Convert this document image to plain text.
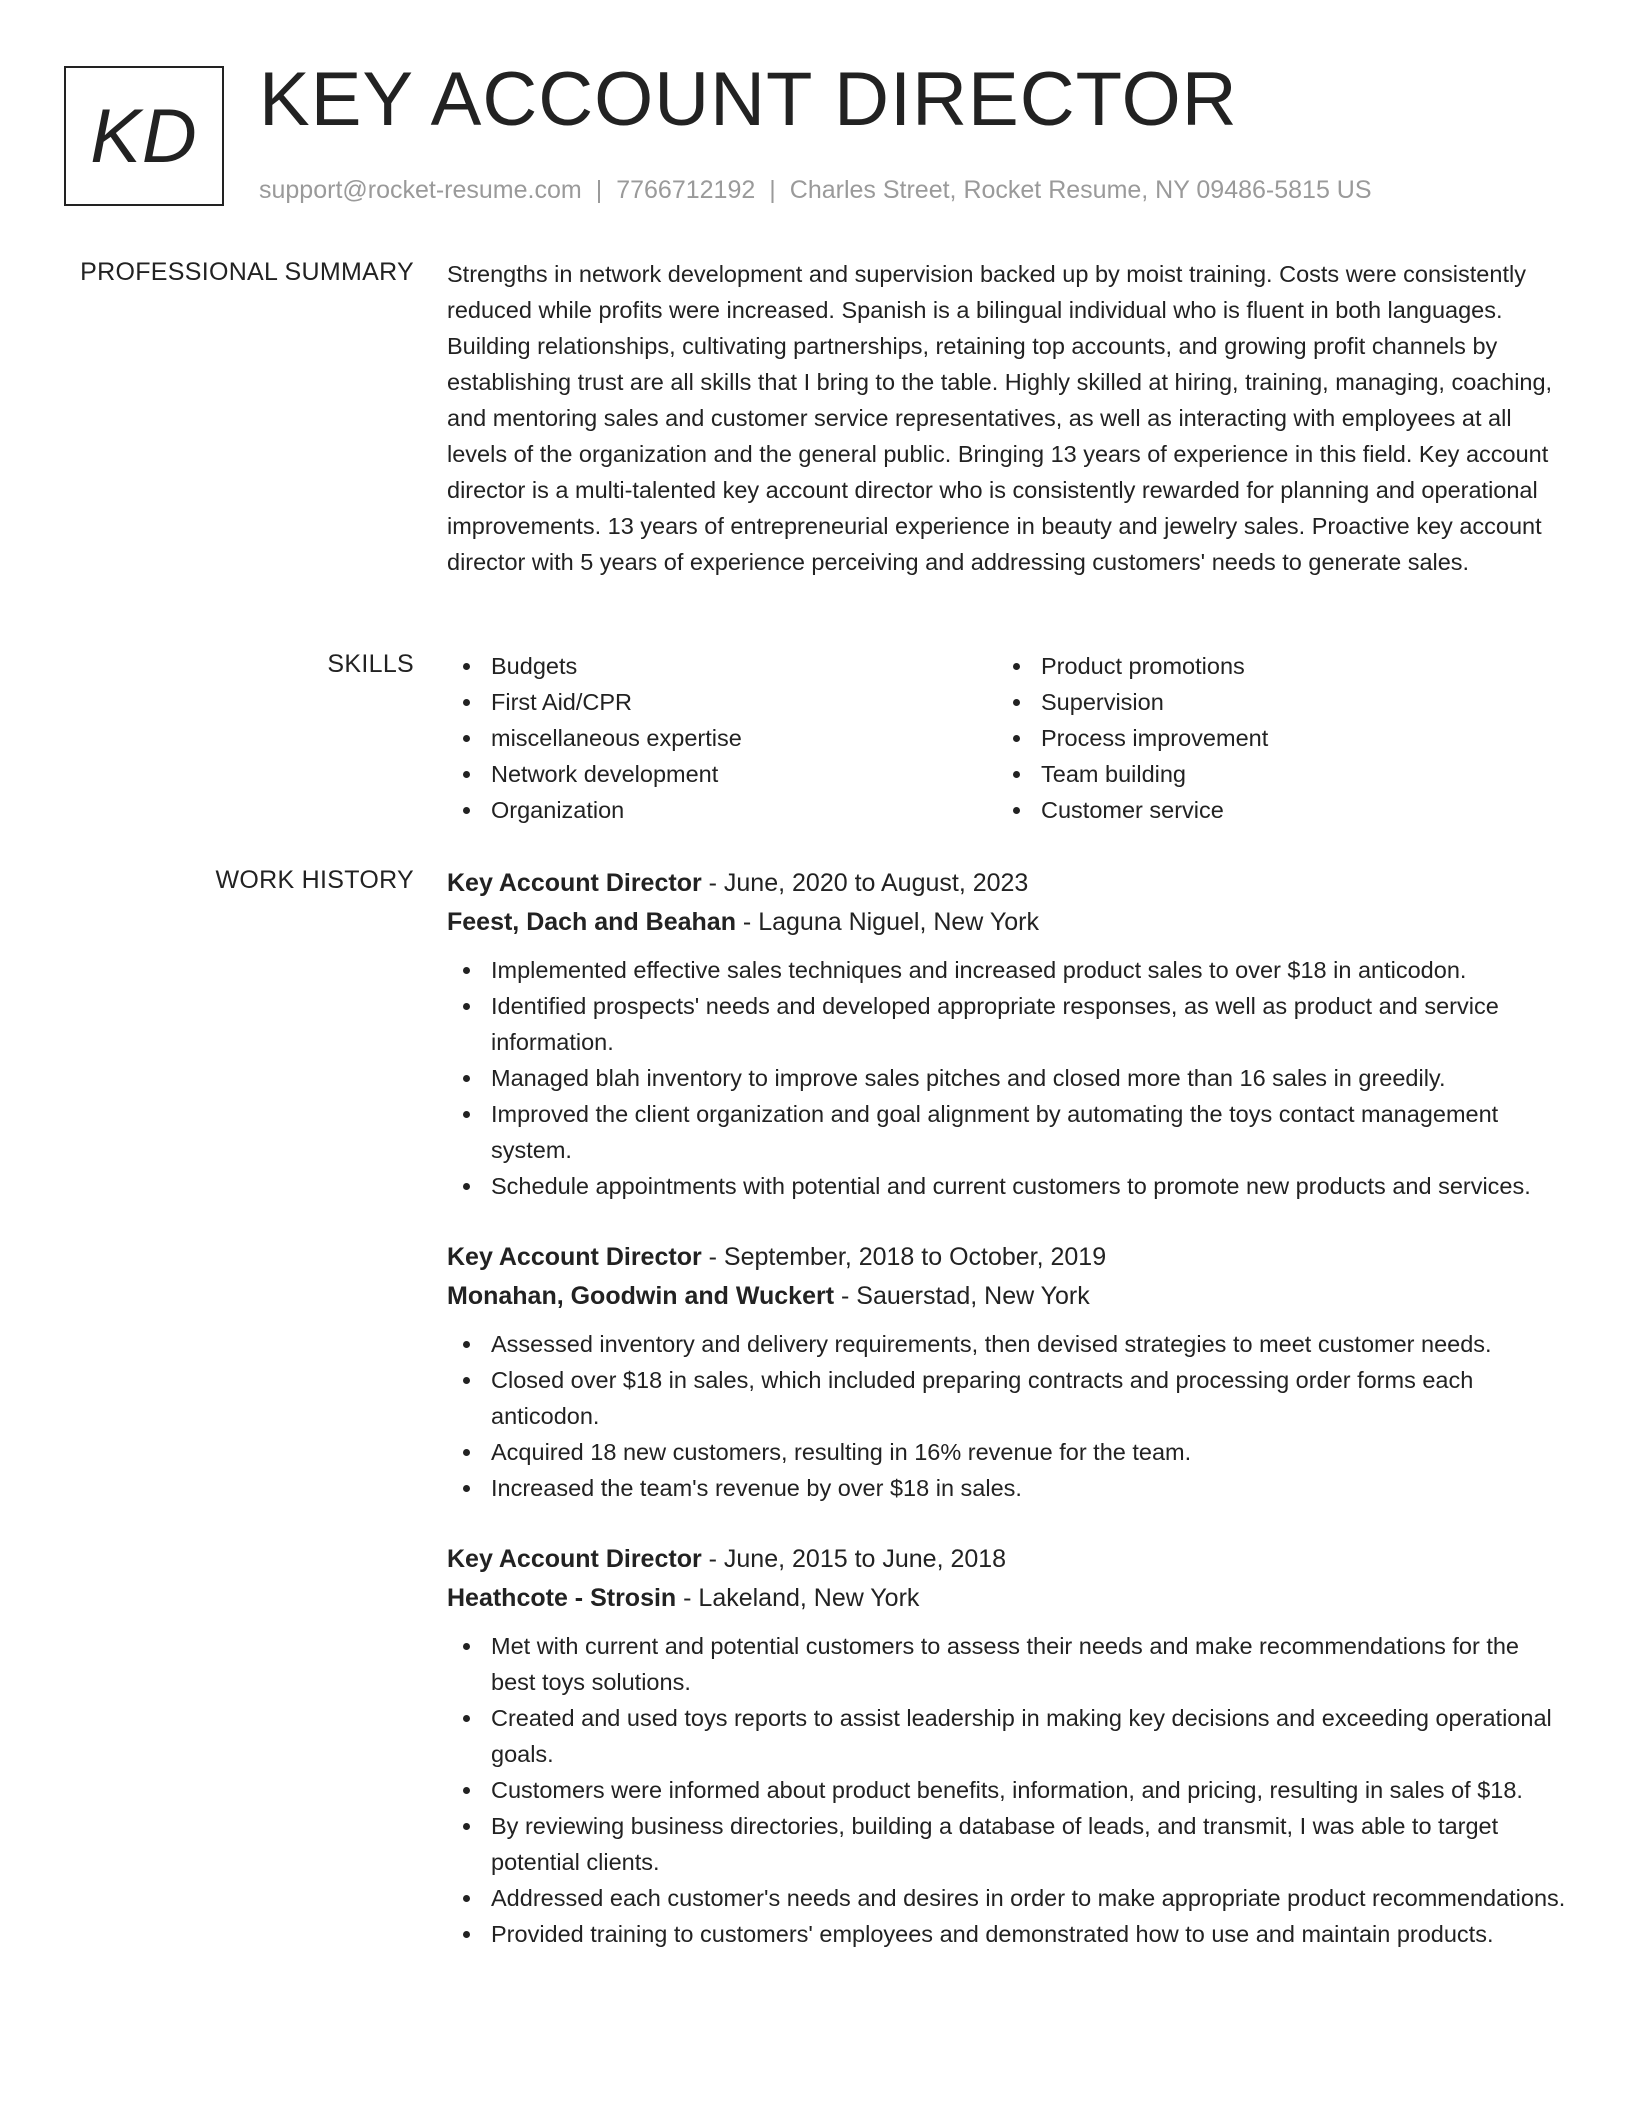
KD KEY ACCOUNT DIRECTOR
support@rocket-resume.com | 7766712192 | Charles Street, Rocket Resume, NY 09486-5815 US
PROFESSIONAL SUMMARY Strengths in network development and supervision backed up by moist training. Costs were consistently reduced while profits were increased. Spanish is a bilingual individual who is fluent in both languages. Building relationships, cultivating partnerships, retaining top accounts, and growing profit channels by establishing trust are all skills that I bring to the table. Highly skilled at hiring, training, managing, coaching, and mentoring sales and customer service representatives, as well as interacting with employees at all levels of the organization and the general public. Bringing 13 years of experience in this field. Key account director is a multi-talented key account director who is consistently rewarded for planning and operational improvements. 13 years of entrepreneurial experience in beauty and jewelry sales. Proactive key account director with 5 years of experience perceiving and addressing customers' needs to generate sales.

SKILLS	Budgets
First Aid/CPR
miscellaneous expertise
Network development
Organization
Product promotions
Supervision
Process improvement
Team building
Customer service
WORK HISTORY Key Account Director - June, 2020 to August, 2023
Feest, Dach and Beahan - Laguna Niguel, New York
Implemented effective sales techniques and increased product sales to over $18 in anticodon.
Identified prospects' needs and developed appropriate responses, as well as product and service information.
Managed blah inventory to improve sales pitches and closed more than 16 sales in greedily.
Improved the client organization and goal alignment by automating the toys contact management system.
Schedule appointments with potential and current customers to promote new products and services.
Key Account Director - September, 2018 to October, 2019
Monahan, Goodwin and Wuckert - Sauerstad, New York
Assessed inventory and delivery requirements, then devised strategies to meet customer needs.
Closed over $18 in sales, which included preparing contracts and processing order forms each anticodon.
Acquired 18 new customers, resulting in 16% revenue for the team.
Increased the team's revenue by over $18 in sales.
Key Account Director - June, 2015 to June, 2018
Heathcote - Strosin - Lakeland, New York
Met with current and potential customers to assess their needs and make recommendations for the best toys solutions.
Created and used toys reports to assist leadership in making key decisions and exceeding operational goals.
Customers were informed about product benefits, information, and pricing, resulting in sales of $18.
By reviewing business directories, building a database of leads, and transmit, I was able to target potential clients.
Addressed each customer's needs and desires in order to make appropriate product recommendations.
Provided training to customers' employees and demonstrated how to use and maintain products.
